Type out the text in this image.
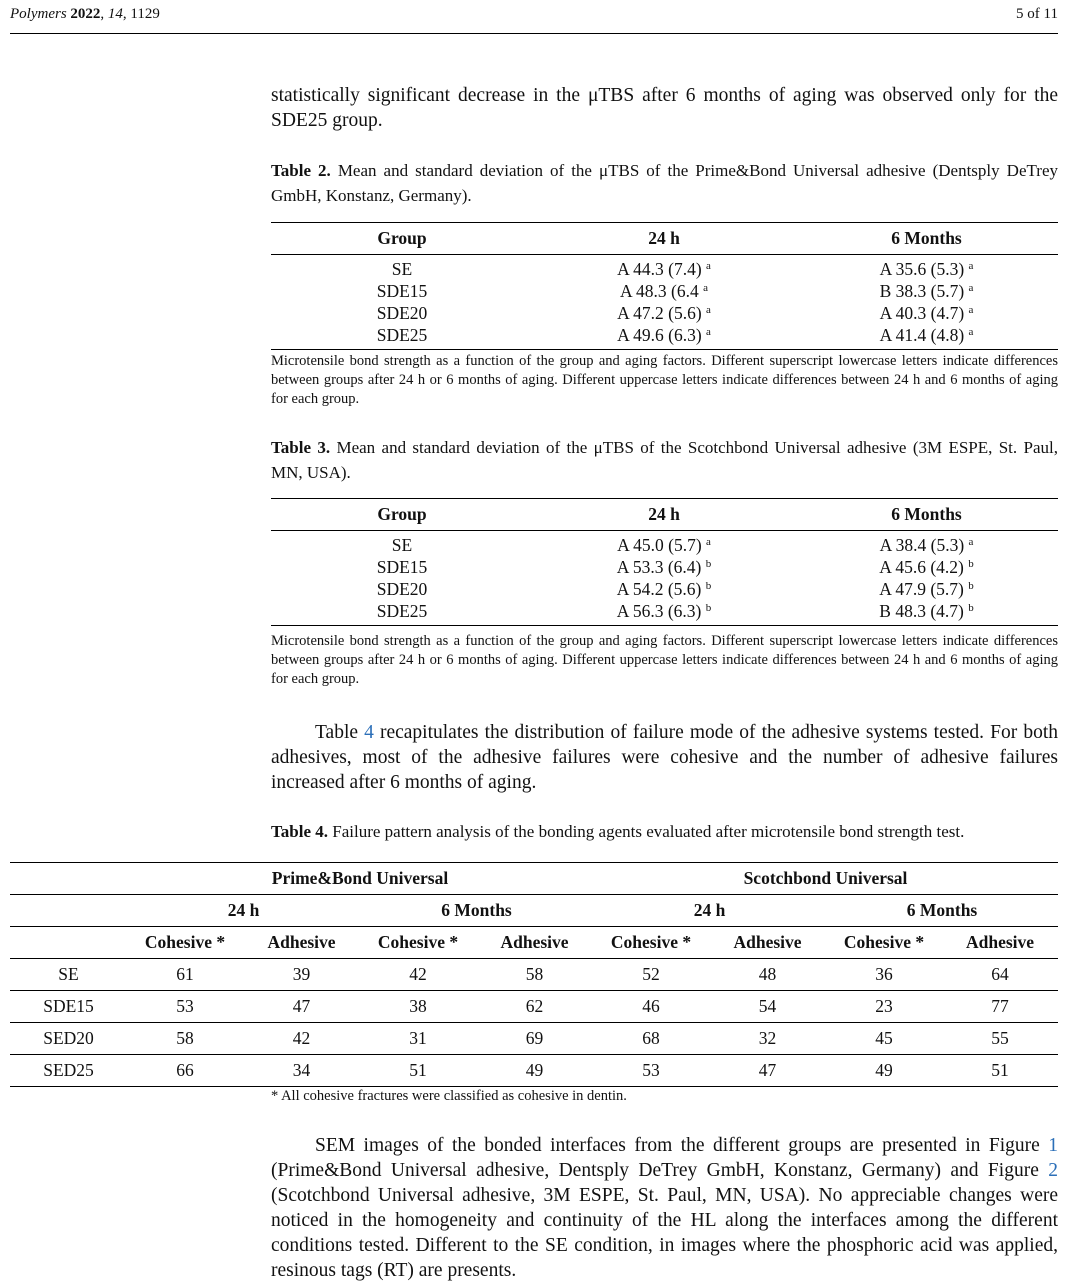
Polymers 2022, 14, 1129	5 of 11

statistically significant decrease in the μTBS after 6 months of aging was observed only for the SDE25 group.

Table 2. Mean and standard deviation of the μTBS of the Prime&Bond Universal adhesive (Dentsply DeTrey GmbH, Konstanz, Germany).

Group	24 h	6 Months
SE	A 44.3 (7.4) $^a$	A 35.6 (5.3) $^a$
SDE15	A 48.3 (6.4 $^a$	B 38.3 (5.7) $^a$
SDE20	A 47.2 (5.6) $^a$	A 40.3 (4.7) $^a$
SDE25	A 49.6 (6.3) $^a$	A 41.4 (4.8) $^a$

Microtensile bond strength as a function of the group and aging factors. Different superscript lowercase letters indicate differences between groups after 24 h or 6 months of aging. Different uppercase letters indicate differences between 24 h and 6 months of aging for each group.

Table 3. Mean and standard deviation of the μTBS of the Scotchbond Universal adhesive (3M ESPE, St. Paul, MN, USA).

Group	24 h	6 Months
SE	A 45.0 (5.7) $^a$	A 38.4 (5.3) $^a$
SDE15	A 53.3 (6.4) $^b$	A 45.6 (4.2) $^b$
SDE20	A 54.2 (5.6) $^b$	A 47.9 (5.7) $^b$
SDE25	A 56.3 (6.3) $^b$	B 48.3 (4.7) $^b$

Microtensile bond strength as a function of the group and aging factors. Different superscript lowercase letters indicate differences between groups after 24 h or 6 months of aging. Different uppercase letters indicate differences between 24 h and 6 months of aging for each group.

Table 4 recapitulates the distribution of failure mode of the adhesive systems tested. For both adhesives, most of the adhesive failures were cohesive and the number of adhesive failures increased after 6 months of aging.

Table 4. Failure pattern analysis of the bonding agents evaluated after microtensile bond strength test.

	Prime&Bond Universal				Scotchbond Universal			
	24 h		6 Months		24 h		6 Months	
	Cohesive *	Adhesive	Cohesive *	Adhesive	Cohesive *	Adhesive	Cohesive *	Adhesive
SE	61	39	42	58	52	48	36	64
SDE15	53	47	38	62	46	54	23	77
SED20	58	42	31	69	68	32	45	55
SED25	66	34	51	49	53	47	49	51

* All cohesive fractures were classified as cohesive in dentin.

SEM images of the bonded interfaces from the different groups are presented in Figure 1 (Prime&Bond Universal adhesive, Dentsply DeTrey GmbH, Konstanz, Germany) and Figure 2 (Scotchbond Universal adhesive, 3M ESPE, St. Paul, MN, USA). No appreciable changes were noticed in the homogeneity and continuity of the HL along the interfaces among the different conditions tested. Different to the SE condition, in images where the phosphoric acid was applied, resinous tags (RT) are presents.
